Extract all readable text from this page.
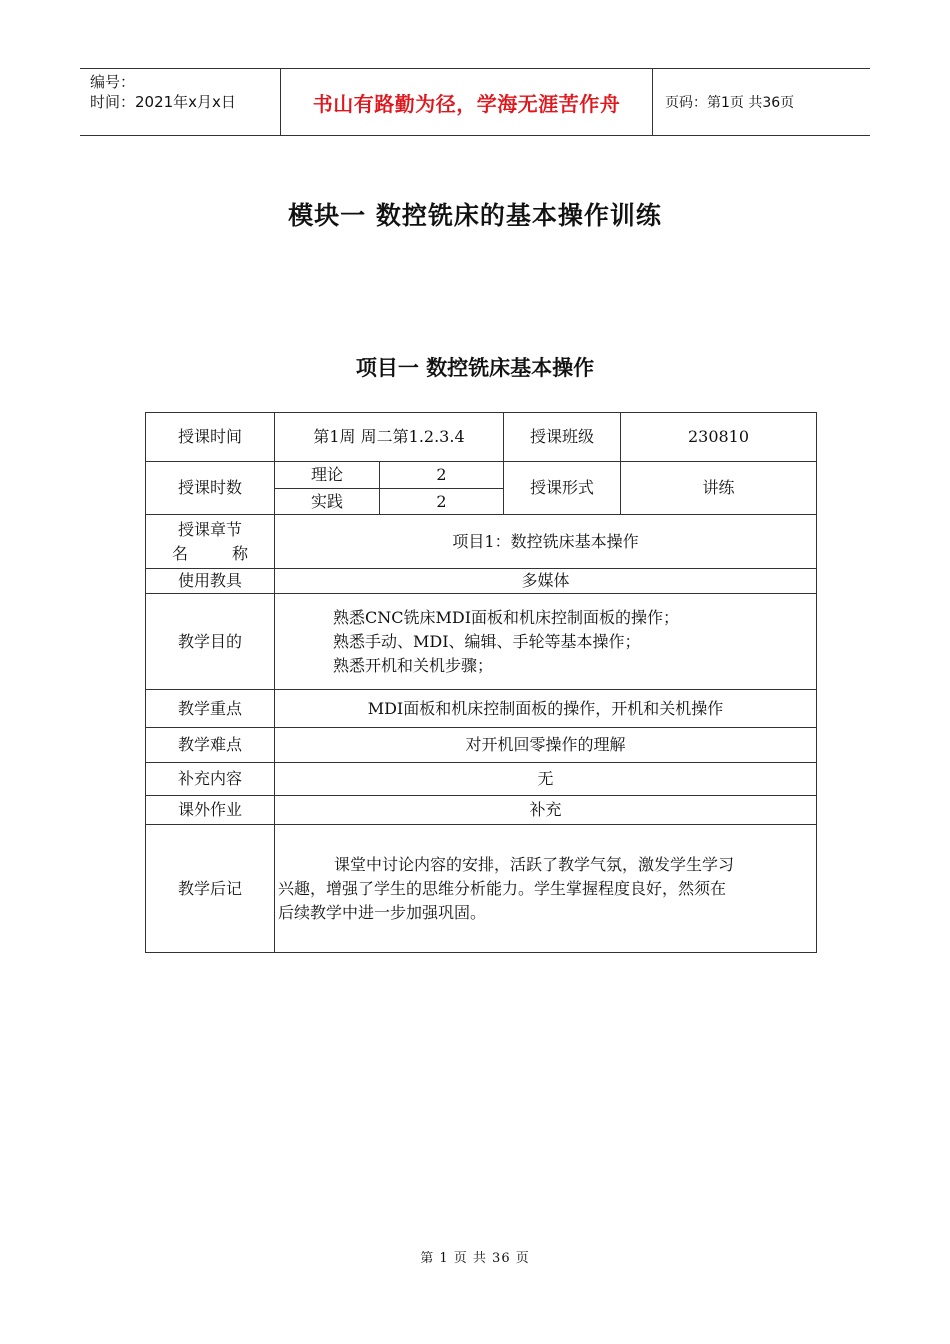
编号：
时间：2021年x月x日	书山有路勤为径，学海无涯苦作舟	页码：第1页 共36页
模块一 数控铣床的基本操作训练
项目一 数控铣床基本操作
授课时间	第1周 周二第1.2.3.4		授课班级	230810
授课时数	理论	2	授课形式	讲练
	实践	2		

授课章节
名 称	项目1：数控铣床基本操作			
使用教具	多媒体			
教学目的	熟悉CNC铣床MDI面板和机床控制面板的操作；
熟悉手动、MDI、编辑、手轮等基本操作；
熟悉开机和关机步骤；			

教学重点	MDI面板和机床控制面板的操作，开机和关机操作			
教学难点	对开机回零操作的理解			
补充内容	无			
课外作业	补充			
教学后记	课堂中讨论内容的安排，活跃了教学气氛，激发学生学习
兴趣，增强了学生的思维分析能力。学生掌握程度良好，然须在
后续教学中进一步加强巩固。			
第 1 页 共 36 页
